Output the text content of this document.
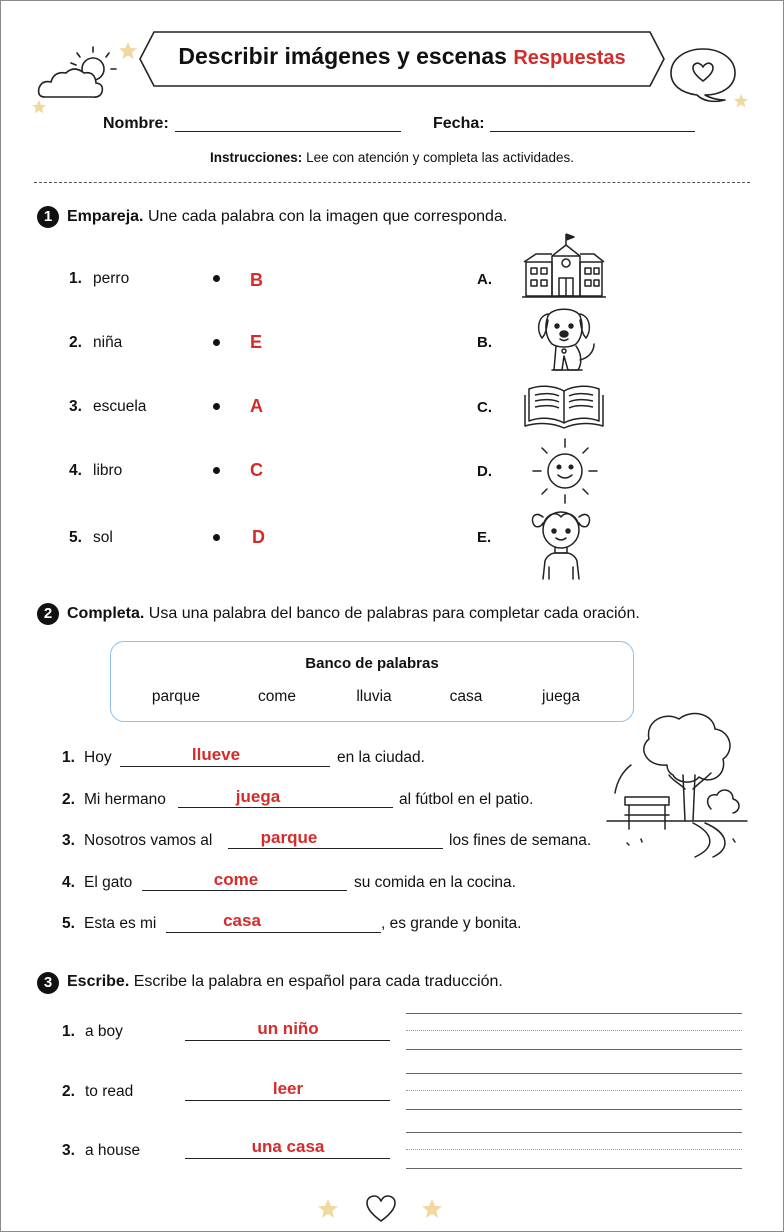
Describir imágenes y escenas Respuestas
Nombre:	Fecha:
Instrucciones: Lee con atención y completa las actividades.
1 Empareja. Une cada palabra con la imagen que corresponda.
1. perro	B
2. niña	E
3. escuela	A
4. libro	C
5. sol	D
A.
B.
C.
D.
E.
2 Completa. Usa una palabra del banco de palabras para completar cada oración.
Banco de palabras
parque	come	lluvia	casa	juega
1. Hoy	llueve	en la ciudad.
2. Mi hermano	juega	al fútbol en el patio.
3. Nosotros vamos al	parque	los fines de semana.
4. El gato	come	su comida en la cocina.
5. Esta es mi	casa	, es grande y bonita.
3 Escribe. Escribe la palabra en español para cada traducción.
1. a boy	un niño
2. to read	leer
3. a house	una casa
